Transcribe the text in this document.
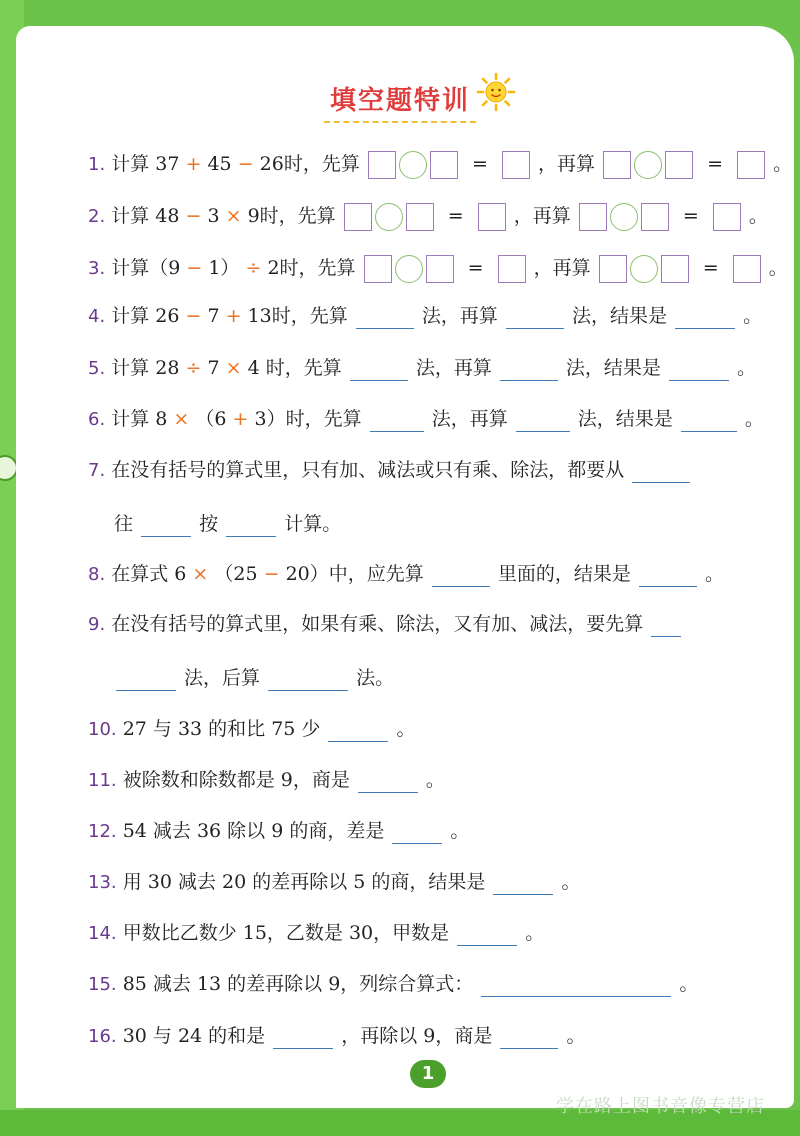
填空题特训
1. 计算 37 + 45 − 26时，先算	=	，再算	=	。
2. 计算 48 − 3 × 9时，先算	=	，再算	=	。
3. 计算（9 − 1） ÷ 2时，先算	=	，再算	=	。
4. 计算 26 − 7 + 13时，先算	法，再算	法，结果是	。
5. 计算 28 ÷ 7 × 4 时，先算	法，再算	法，结果是	。
6. 计算 8 × （6 + 3）时，先算	法，再算	法，结果是	。
7. 在没有括号的算式里，只有加、减法或只有乘、除法，都要从
往	按	计算。
8. 在算式 6 × （25 − 20）中，应先算	里面的，结果是	。
9. 在没有括号的算式里，如果有乘、除法，又有加、减法，要先算
法，后算	法。
10. 27 与 33 的和比 75 少	。
11. 被除数和除数都是 9，商是	。
12. 54 减去 36 除以 9 的商，差是	。
13. 用 30 减去 20 的差再除以 5 的商，结果是	。
14. 甲数比乙数少 15，乙数是 30，甲数是	。
15. 85 减去 13 的差再除以 9，列综合算式：	。
16. 30 与 24 的和是	，再除以 9，商是	。
1
学在路上图书音像专营店
